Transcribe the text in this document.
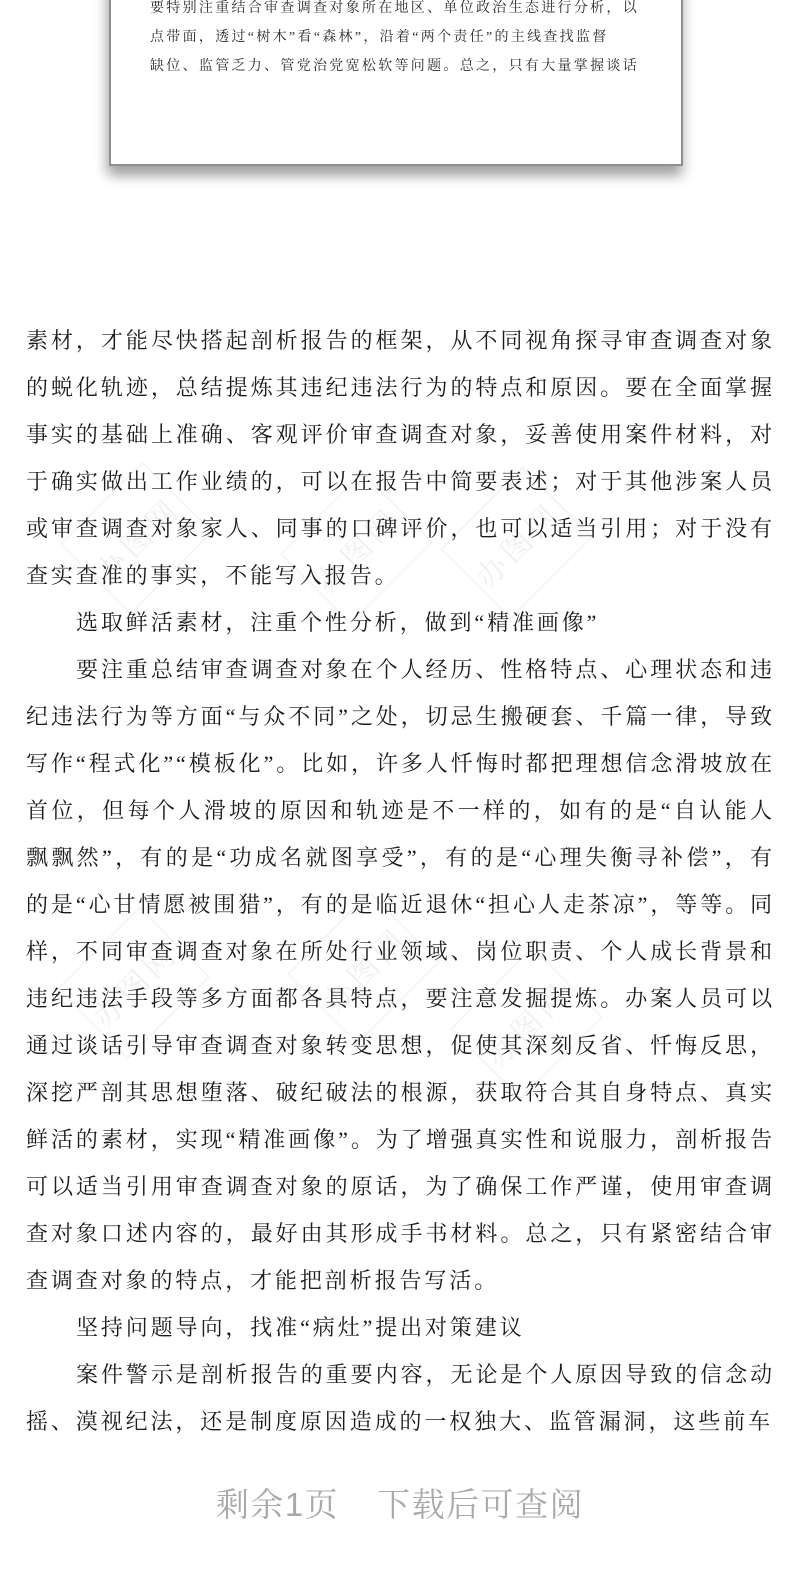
办图网	办图网	办图网
办图网	办图网
办图网
要特别注重结合审查调查对象所在地区、单位政治生态进行分析，以
点带面，透过“树木”看“森林”，沿着“两个责任”的主线查找监督
缺位、监管乏力、管党治党宽松软等问题。总之，只有大量掌握谈话

素材，才能尽快搭起剖析报告的框架，从不同视角探寻审查调查对象的蜕化轨迹，总结提炼其违纪违法行为的特点和原因。要在全面掌握事实的基础上准确、客观评价审查调查对象，妥善使用案件材料，对于确实做出工作业绩的，可以在报告中简要表述；对于其他涉案人员或审查调查对象家人、同事的口碑评价，也可以适当引用；对于没有查实查准的事实，不能写入报告。

选取鲜活素材，注重个性分析，做到“精准画像”

要注重总结审查调查对象在个人经历、性格特点、心理状态和违纪违法行为等方面“与众不同”之处，切忌生搬硬套、千篇一律，导致写作“程式化”“模板化”。比如，许多人忏悔时都把理想信念滑坡放在首位，但每个人滑坡的原因和轨迹是不一样的，如有的是“自认能人飘飘然”，有的是“功成名就图享受”，有的是“心理失衡寻补偿”，有的是“心甘情愿被围猎”，有的是临近退休“担心人走茶凉”，等等。同样，不同审查调查对象在所处行业领域、岗位职责、个人成长背景和违纪违法手段等多方面都各具特点，要注意发掘提炼。办案人员可以通过谈话引导审查调查对象转变思想，促使其深刻反省、忏悔反思，深挖严剖其思想堕落、破纪破法的根源，获取符合其自身特点、真实鲜活的素材，实现“精准画像”。为了增强真实性和说服力，剖析报告可以适当引用审查调查对象的原话，为了确保工作严谨，使用审查调查对象口述内容的，最好由其形成手书材料。总之，只有紧密结合审查调查对象的特点，才能把剖析报告写活。

坚持问题导向，找准“病灶”提出对策建议

案件警示是剖析报告的重要内容，无论是个人原因导致的信念动摇、漠视纪法，还是制度原因造成的一权独大、监管漏洞，这些前车

剩余1页 下载后可查阅
